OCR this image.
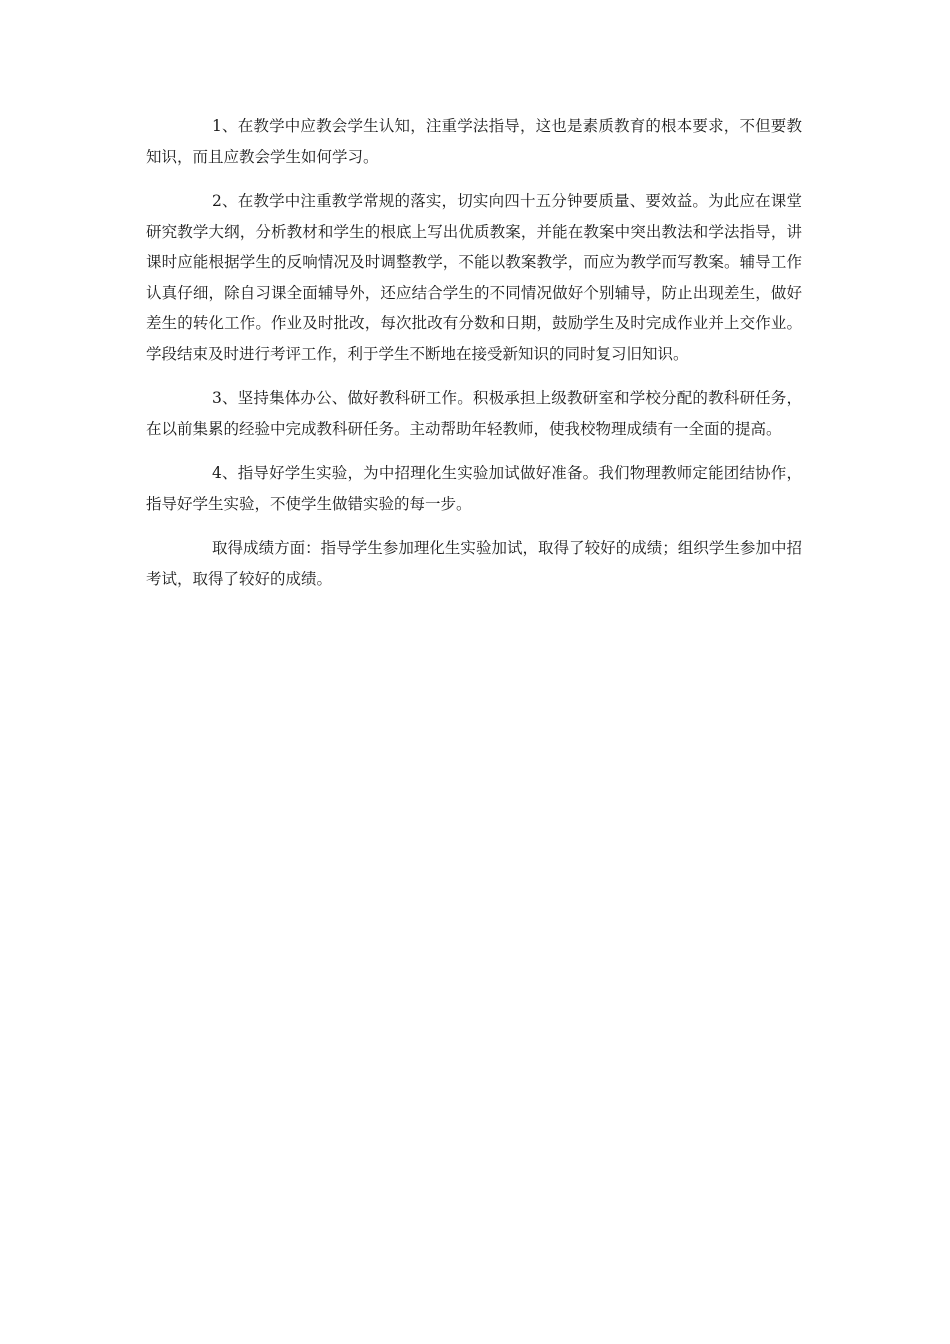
1、在教学中应教会学生认知，注重学法指导，这也是素质教育的根本要求，不但要教知识，而且应教会学生如何学习。

2、在教学中注重教学常规的落实，切实向四十五分钟要质量、要效益。为此应在课堂研究教学大纲，分析教材和学生的根底上写出优质教案，并能在教案中突出教法和学法指导，讲课时应能根据学生的反响情况及时调整教学，不能以教案教学，而应为教学而写教案。辅导工作认真仔细，除自习课全面辅导外，还应结合学生的不同情况做好个别辅导，防止出现差生，做好差生的转化工作。作业及时批改，每次批改有分数和日期，鼓励学生及时完成作业并上交作业。学段结束及时进行考评工作，利于学生不断地在接受新知识的同时复习旧知识。

3、坚持集体办公、做好教科研工作。积极承担上级教研室和学校分配的教科研任务，在以前集累的经验中完成教科研任务。主动帮助年轻教师，使我校物理成绩有一全面的提高。

4、指导好学生实验，为中招理化生实验加试做好准备。我们物理教师定能团结协作，指导好学生实验，不使学生做错实验的每一步。

取得成绩方面：指导学生参加理化生实验加试，取得了较好的成绩；组织学生参加中招考试，取得了较好的成绩。
